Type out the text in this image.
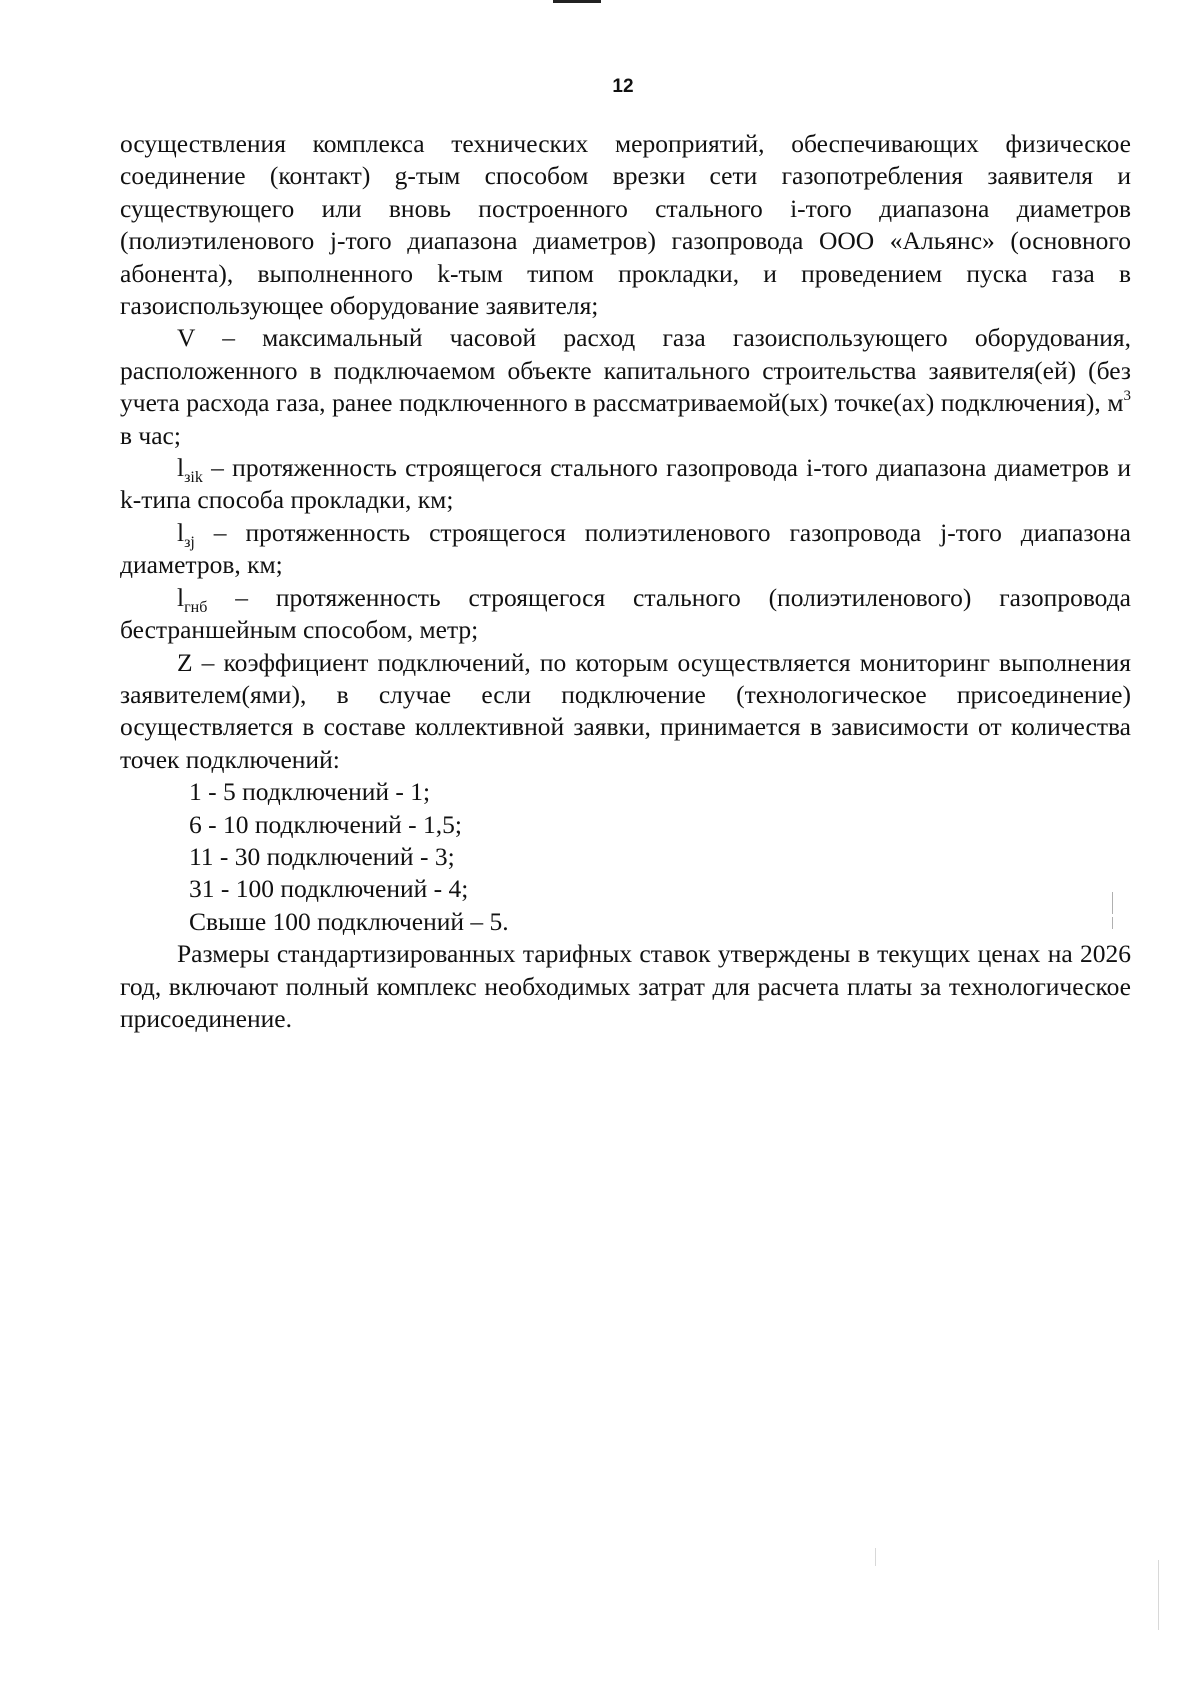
12

осуществления комплекса технических мероприятий, обеспечивающих физическое соединение (контакт) g-тым способом врезки сети газопотребления заявителя и существующего или вновь построенного стального i-того диапазона диаметров (полиэтиленового j-того диапазона диаметров) газопровода ООО «Альянс» (основного абонента), выполненного k-тым типом прокладки, и проведением пуска газа в газоиспользующее оборудование заявителя;

V – максимальный часовой расход газа газоиспользующего оборудования, расположенного в подключаемом объекте капитального строительства заявителя(ей) (без учета расхода газа, ранее подключенного в рассматриваемой(ых) точке(ах) подключения), $м^3$ в час;

$l_{зik}$ – протяженность строящегося стального газопровода i-того диапазона диаметров и k-типа способа прокладки, км;

$l_{зj}$ – протяженность строящегося полиэтиленового газопровода j-того диапазона диаметров, км;

$l_{гнб}$ – протяженность строящегося стального (полиэтиленового) газопровода бестраншейным способом, метр;

Z – коэффициент подключений, по которым осуществляется мониторинг выполнения заявителем(ями), в случае если подключение (технологическое присоединение) осуществляется в составе коллективной заявки, принимается в зависимости от количества точек подключений:

1 - 5 подключений - 1;

6 - 10 подключений - 1,5;

11 - 30 подключений - 3;

31 - 100 подключений - 4;

Свыше 100 подключений – 5.

Размеры стандартизированных тарифных ставок утверждены в текущих ценах на 2026 год, включают полный комплекс необходимых затрат для расчета платы за технологическое присоединение.
